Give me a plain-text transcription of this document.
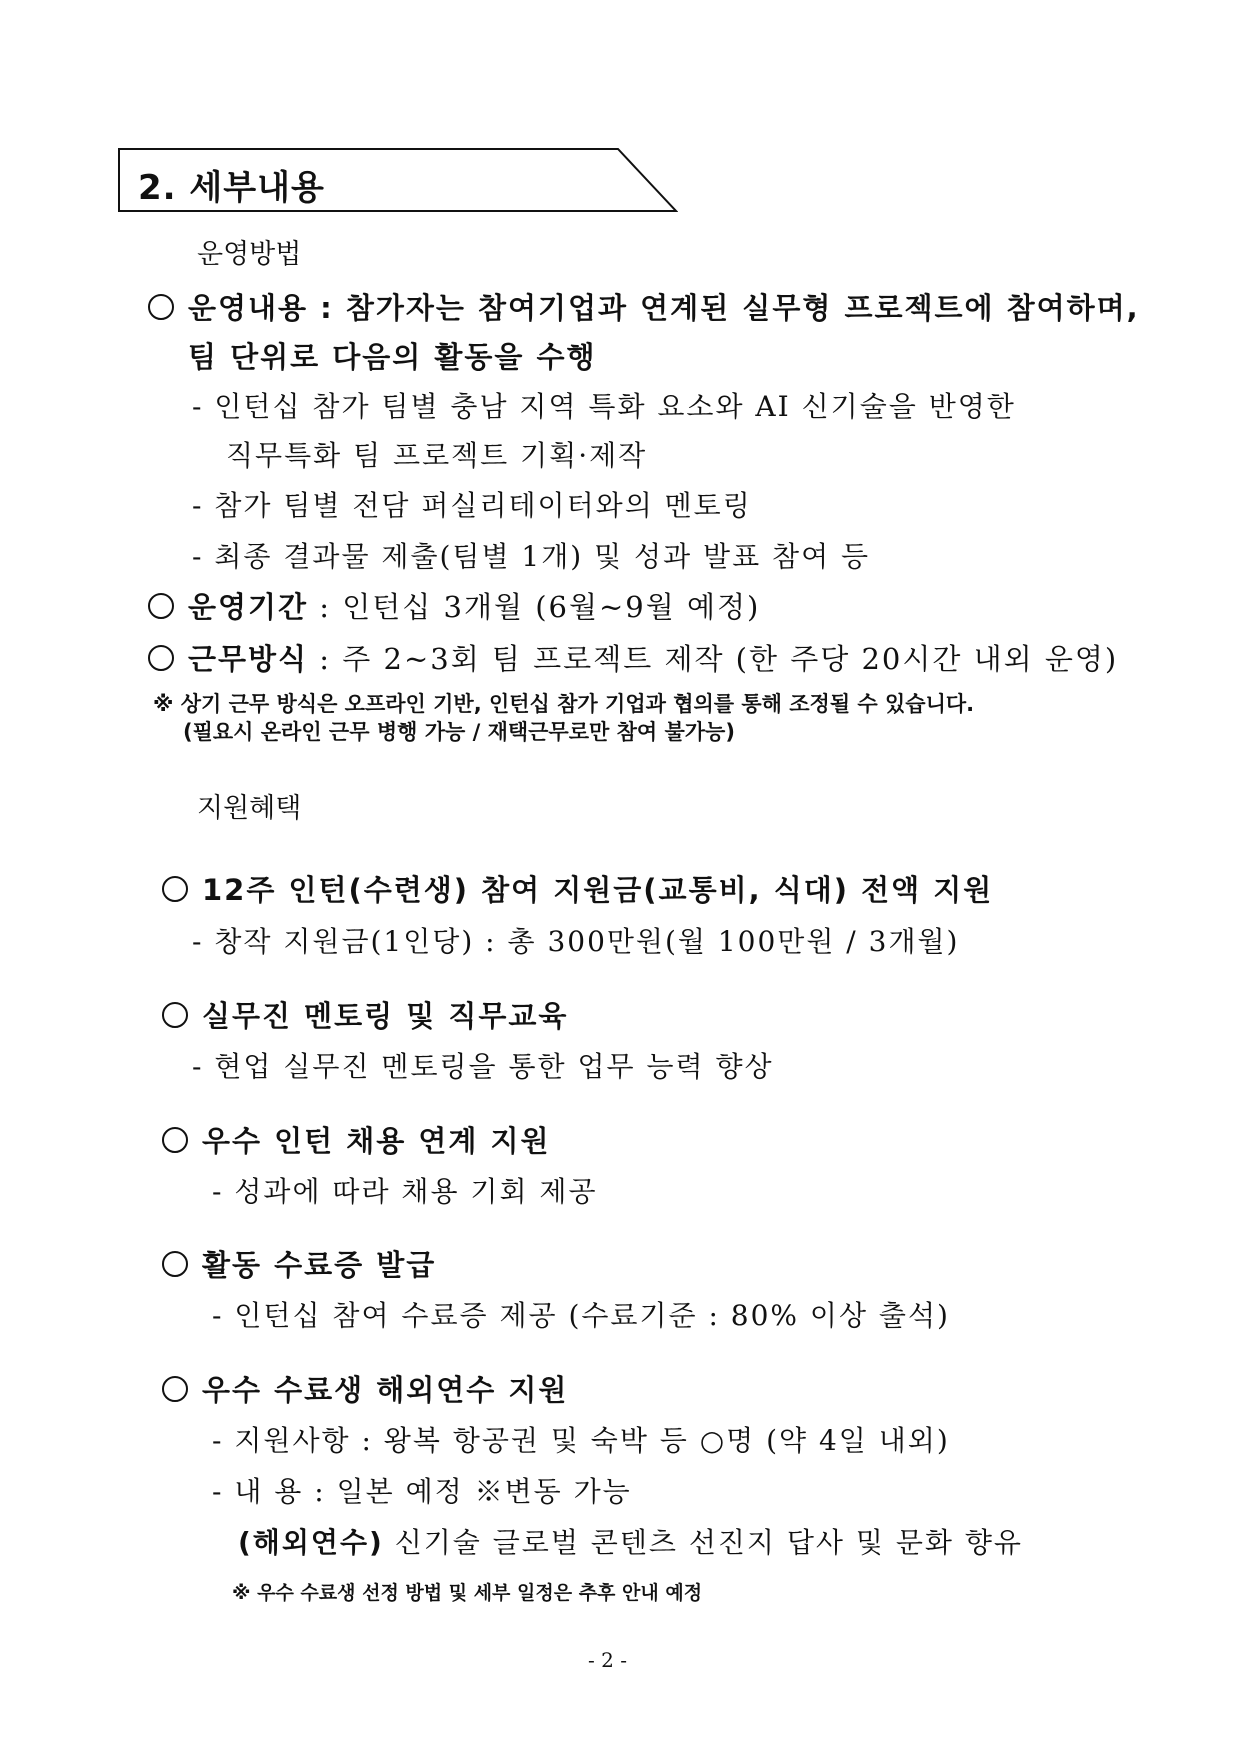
2. 세부내용
운영방법
운영내용 : 참가자는 참여기업과 연계된 실무형 프로젝트에 참여하며,
팀 단위로 다음의 활동을 수행
- 인턴십 참가 팀별 충남 지역 특화 요소와 AI 신기술을 반영한
직무특화 팀 프로젝트 기획·제작
- 참가 팀별 전담 퍼실리테이터와의 멘토링
- 최종 결과물 제출(팀별 1개) 및 성과 발표 참여 등
운영기간 : 인턴십 3개월 (6월~9월 예정)
근무방식 : 주 2~3회 팀 프로젝트 제작 (한 주당 20시간 내외 운영)
※ 상기 근무 방식은 오프라인 기반, 인턴십 참가 기업과 협의를 통해 조정될 수 있습니다.
(필요시 온라인 근무 병행 가능 / 재택근무로만 참여 불가능)
지원혜택
12주 인턴(수련생) 참여 지원금(교통비, 식대) 전액 지원
- 창작 지원금(1인당) : 총 300만원(월 100만원 / 3개월)
실무진 멘토링 및 직무교육
- 현업 실무진 멘토링을 통한 업무 능력 향상
우수 인턴 채용 연계 지원
- 성과에 따라 채용 기회 제공
활동 수료증 발급
- 인턴십 참여 수료증 제공 (수료기준 : 80% 이상 출석)
우수 수료생 해외연수 지원
- 지원사항 : 왕복 항공권 및 숙박 등 ○명 (약 4일 내외)
- 내 용 : 일본 예정 ※변동 가능
(해외연수) 신기술 글로벌 콘텐츠 선진지 답사 및 문화 향유
※ 우수 수료생 선정 방법 및 세부 일정은 추후 안내 예정
- 2 -
